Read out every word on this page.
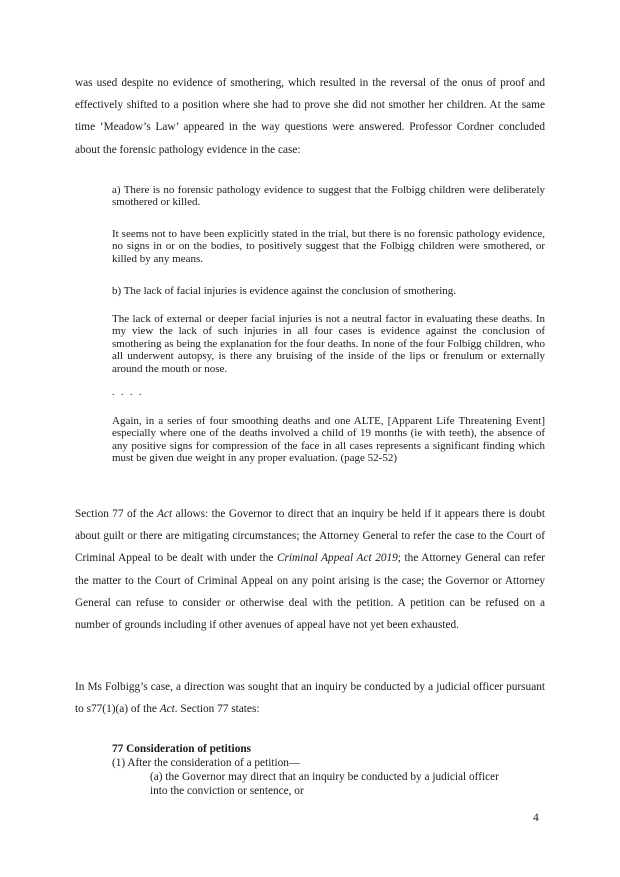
was used despite no evidence of smothering, which resulted in the reversal of the onus of proof and effectively shifted to a position where she had to prove she did not smother her children. At the same time ‘Meadow’s Law’ appeared in the way questions were answered. Professor Cordner concluded about the forensic pathology evidence in the case:

a) There is no forensic pathology evidence to suggest that the Folbigg children were deliberately smothered or killed.

It seems not to have been explicitly stated in the trial, but there is no forensic pathology evidence, no signs in or on the bodies, to positively suggest that the Folbigg children were smothered, or killed by any means.

b) The lack of facial injuries is evidence against the conclusion of smothering.

The lack of external or deeper facial injuries is not a neutral factor in evaluating these deaths. In my view the lack of such injuries in all four cases is evidence against the conclusion of smothering as being the explanation for the four deaths. In none of the four Folbigg children, who all underwent autopsy, is there any bruising of the inside of the lips or frenulum or externally around the mouth or nose.

. . . .

Again, in a series of four smoothing deaths and one ALTE, [Apparent Life Threatening Event] especially where one of the deaths involved a child of 19 months (ie with teeth), the absence of any positive signs for compression of the face in all cases represents a significant finding which must be given due weight in any proper evaluation. (page 52-52)

Section 77 of the Act allows: the Governor to direct that an inquiry be held if it appears there is doubt about guilt or there are mitigating circumstances; the Attorney General to refer the case to the Court of Criminal Appeal to be dealt with under the Criminal Appeal Act 2019; the Attorney General can refer the matter to the Court of Criminal Appeal on any point arising is the case; the Governor or Attorney General can refuse to consider or otherwise deal with the petition. A petition can be refused on a number of grounds including if other avenues of appeal have not yet been exhausted.

In Ms Folbigg’s case, a direction was sought that an inquiry be conducted by a judicial officer pursuant to s77(1)(a) of the Act. Section 77 states:

77 Consideration of petitions

(1) After the consideration of a petition—

(a) the Governor may direct that an inquiry be conducted by a judicial officer

into the conviction or sentence, or

4
